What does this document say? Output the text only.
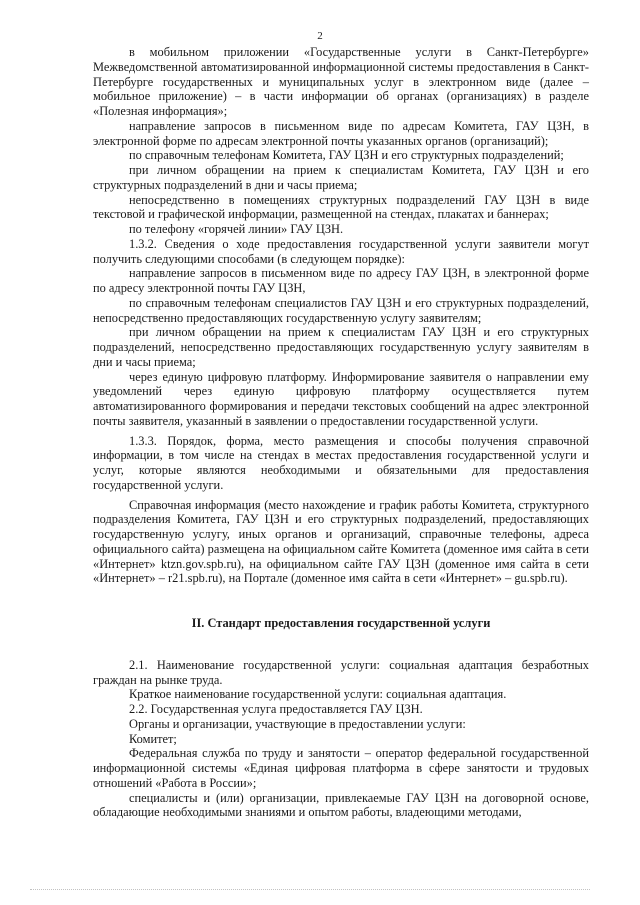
2

в мобильном приложении «Государственные услуги в Санкт-Петербурге» Межведомственной автоматизированной информационной системы предоставления в Санкт-Петербурге государственных и муниципальных услуг в электронном виде (далее – мобильное приложение) – в части информации об органах (организациях) в разделе «Полезная информация»;

направление запросов в письменном виде по адресам Комитета, ГАУ ЦЗН, в электронной форме по адресам электронной почты указанных органов (организаций);

по справочным телефонам Комитета, ГАУ ЦЗН и его структурных подразделений;

при личном обращении на прием к специалистам Комитета, ГАУ ЦЗН и его структурных подразделений в дни и часы приема;

непосредственно в помещениях структурных подразделений ГАУ ЦЗН в виде текстовой и графической информации, размещенной на стендах, плакатах и баннерах;

по телефону «горячей линии» ГАУ ЦЗН.

1.3.2. Сведения о ходе предоставления государственной услуги заявители могут получить следующими способами (в следующем порядке):

направление запросов в письменном виде по адресу ГАУ ЦЗН, в электронной форме по адресу электронной почты ГАУ ЦЗН,

по справочным телефонам специалистов ГАУ ЦЗН и его структурных подразделений, непосредственно предоставляющих государственную услугу заявителям;

при личном обращении на прием к специалистам ГАУ ЦЗН и его структурных подразделений, непосредственно предоставляющих государственную услугу заявителям в дни и часы приема;

через единую цифровую платформу. Информирование заявителя о направлении ему уведомлений через единую цифровую платформу осуществляется путем автоматизированного формирования и передачи текстовых сообщений на адрес электронной почты заявителя, указанный в заявлении о предоставлении государственной услуги.

1.3.3. Порядок, форма, место размещения и способы получения справочной информации, в том числе на стендах в местах предоставления государственной услуги и услуг, которые являются необходимыми и обязательными для предоставления государственной услуги.

Справочная информация (место нахождение и график работы Комитета, структурного подразделения Комитета, ГАУ ЦЗН и его структурных подразделений, предоставляющих государственную услугу, иных органов и организаций, справочные телефоны, адреса официального сайта) размещена на официальном сайте Комитета (доменное имя сайта в сети «Интернет» ktzn.gov.spb.ru), на официальном сайте ГАУ ЦЗН (доменное имя сайта в сети «Интернет» – r21.spb.ru), на Портале (доменное имя сайта в сети «Интернет» – gu.spb.ru).

II. Стандарт предоставления государственной услуги

2.1. Наименование государственной услуги: социальная адаптация безработных граждан на рынке труда.

Краткое наименование государственной услуги: социальная адаптация.

2.2. Государственная услуга предоставляется ГАУ ЦЗН.

Органы и организации, участвующие в предоставлении услуги:

Комитет;

Федеральная служба по труду и занятости – оператор федеральной государственной информационной системы «Единая цифровая платформа в сфере занятости и трудовых отношений «Работа в России»;

специалисты и (или) организации, привлекаемые ГАУ ЦЗН на договорной основе, обладающие необходимыми знаниями и опытом работы, владеющими методами,
